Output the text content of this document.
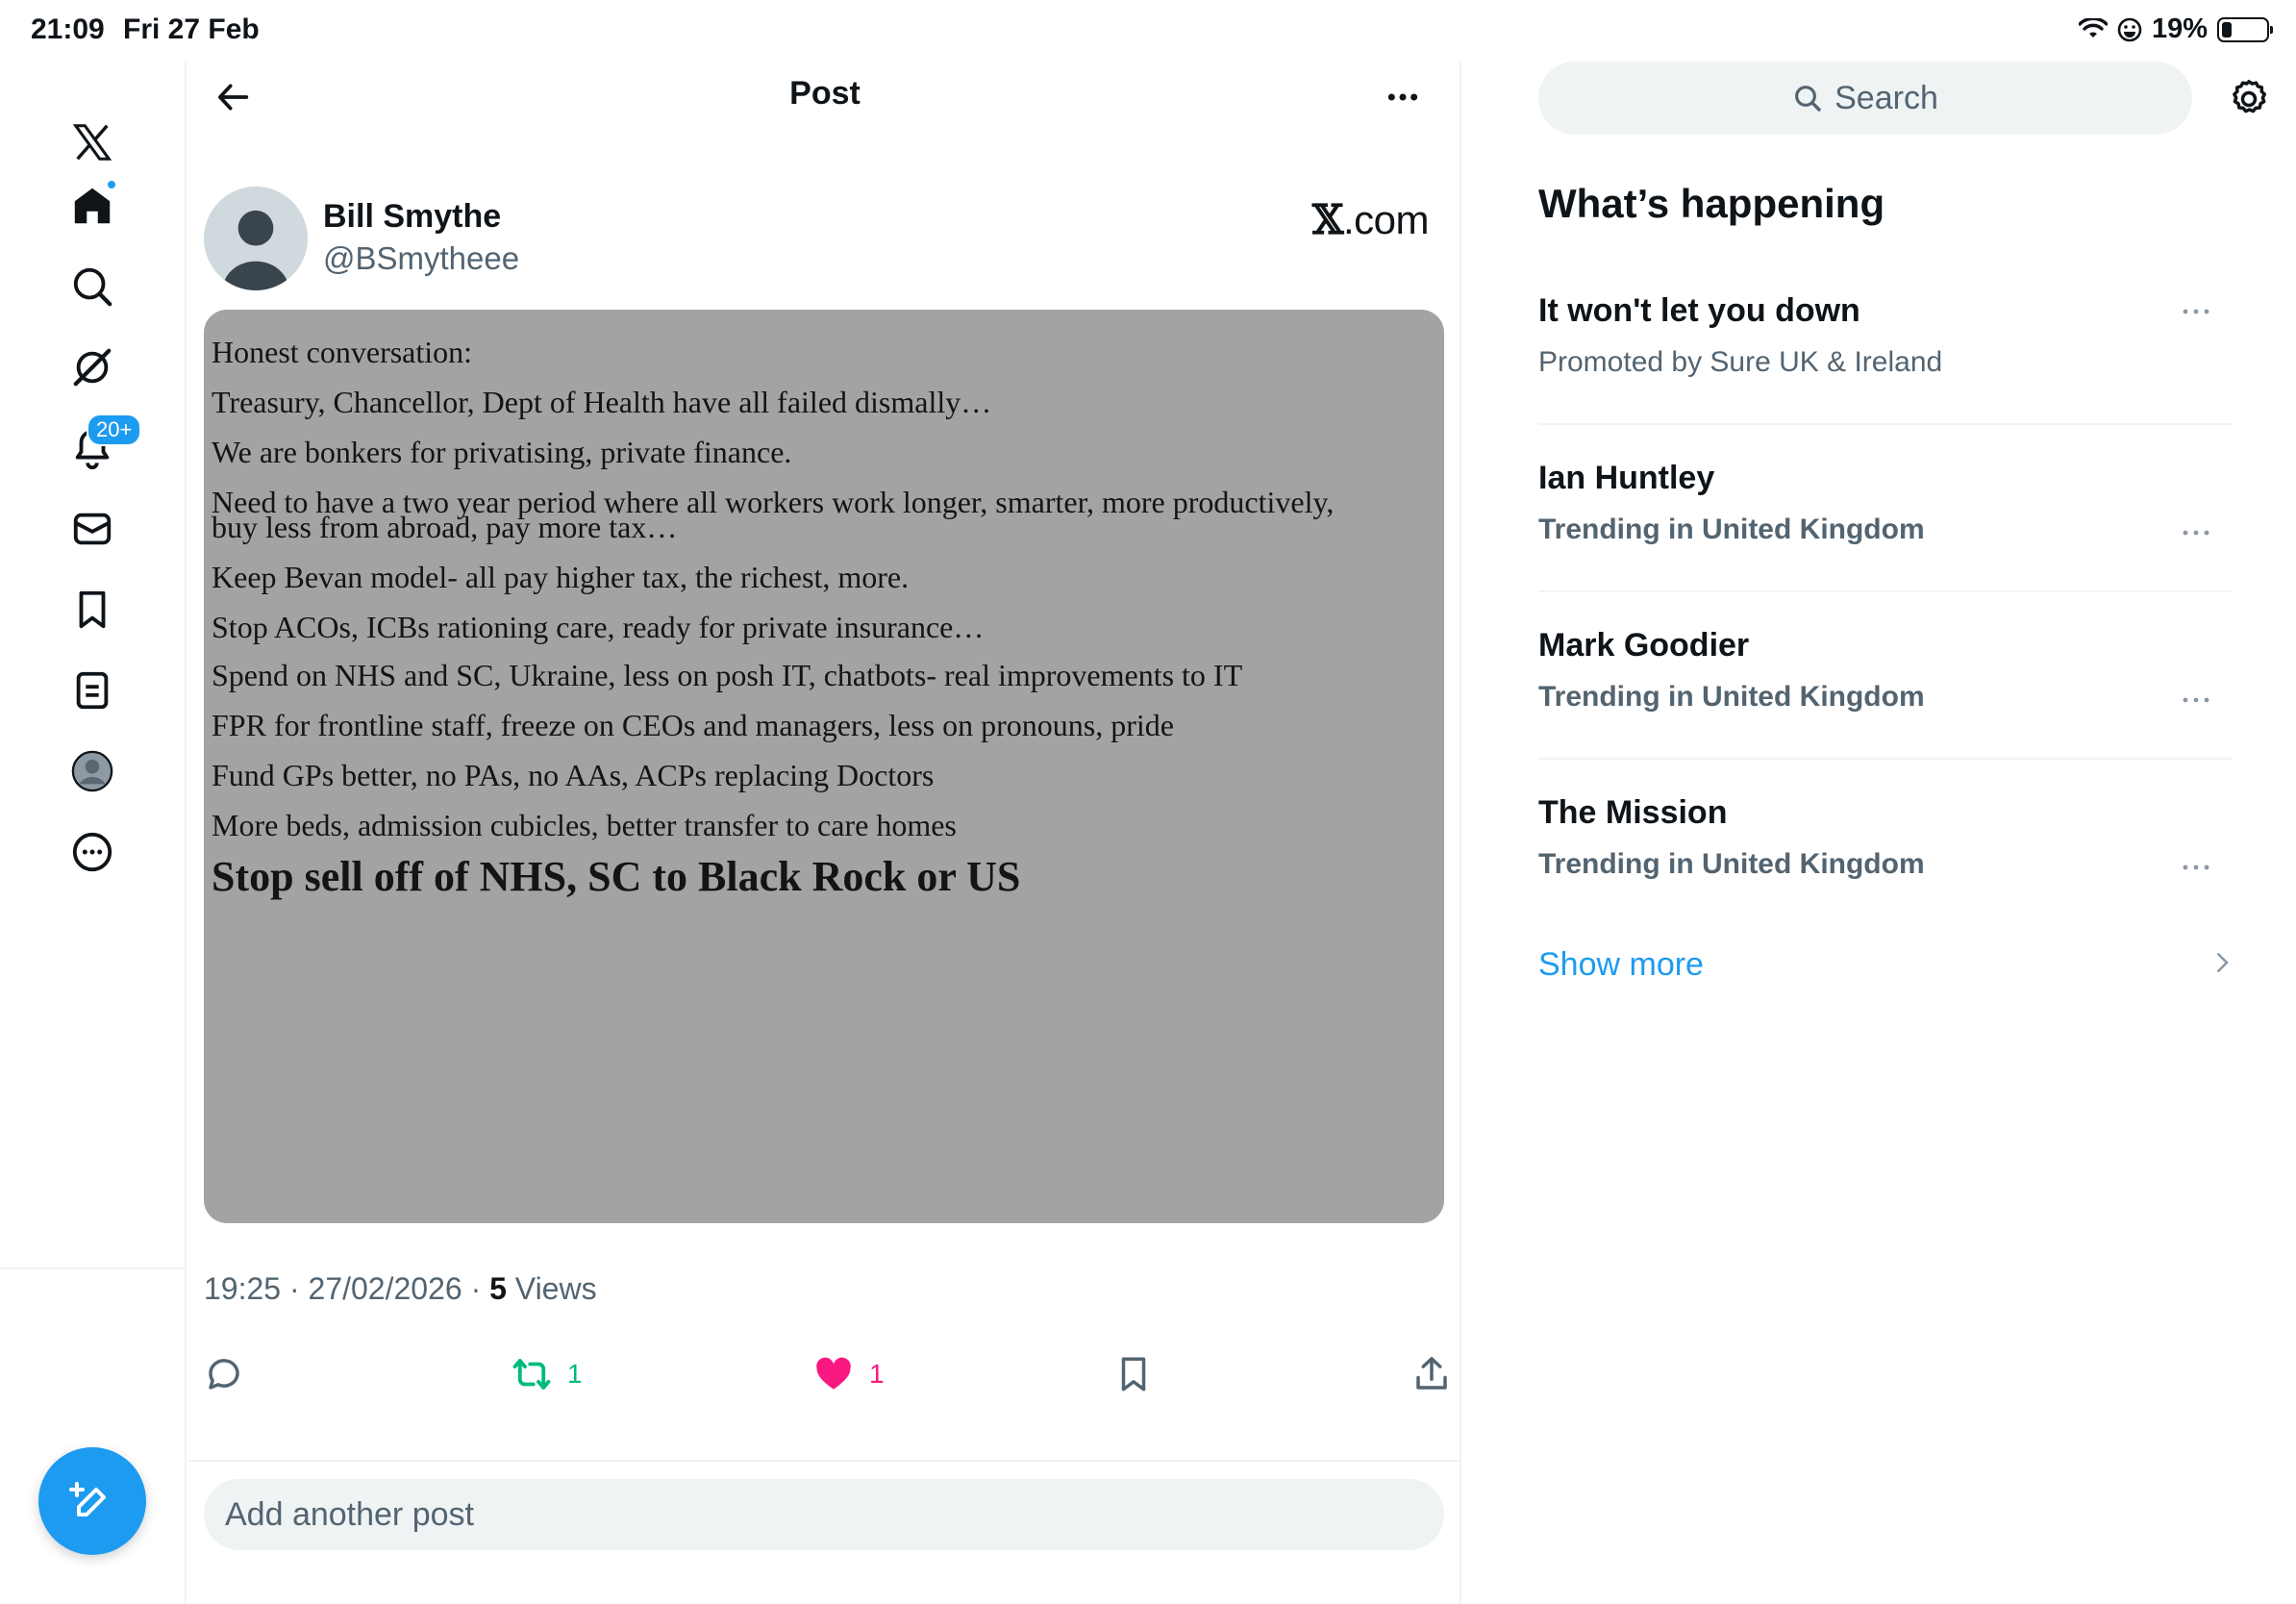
21:09 Fri 27 Feb	19%
20+
Post
Bill Smythe
@BSmytheee
𝕏.com

Honest conversation:

Treasury, Chancellor, Dept of Health have all failed dismally…

We are bonkers for privatising, private finance.

Need to have a two year period where all workers work longer, smarter, more productively,

buy less from abroad, pay more tax…

Keep Bevan model- all pay higher tax, the richest, more.

Stop ACOs, ICBs rationing care, ready for private insurance…

Spend on NHS and SC, Ukraine, less on posh IT, chatbots- real improvements to IT

FPR for frontline staff, freeze on CEOs and managers, less on pronouns, pride

Fund GPs better, no PAs, no AAs, ACPs replacing Doctors

More beds, admission cubicles, better transfer to care homes

Stop sell off of NHS, SC to Black Rock or US

19:25 · 27/02/2026 · 5 Views
1	1
Add another post
Search
What’s happening
It won't let you down
Promoted by Sure UK & Ireland
Ian Huntley
Trending in United Kingdom
Mark Goodier
Trending in United Kingdom
The Mission
Trending in United Kingdom
Show more
